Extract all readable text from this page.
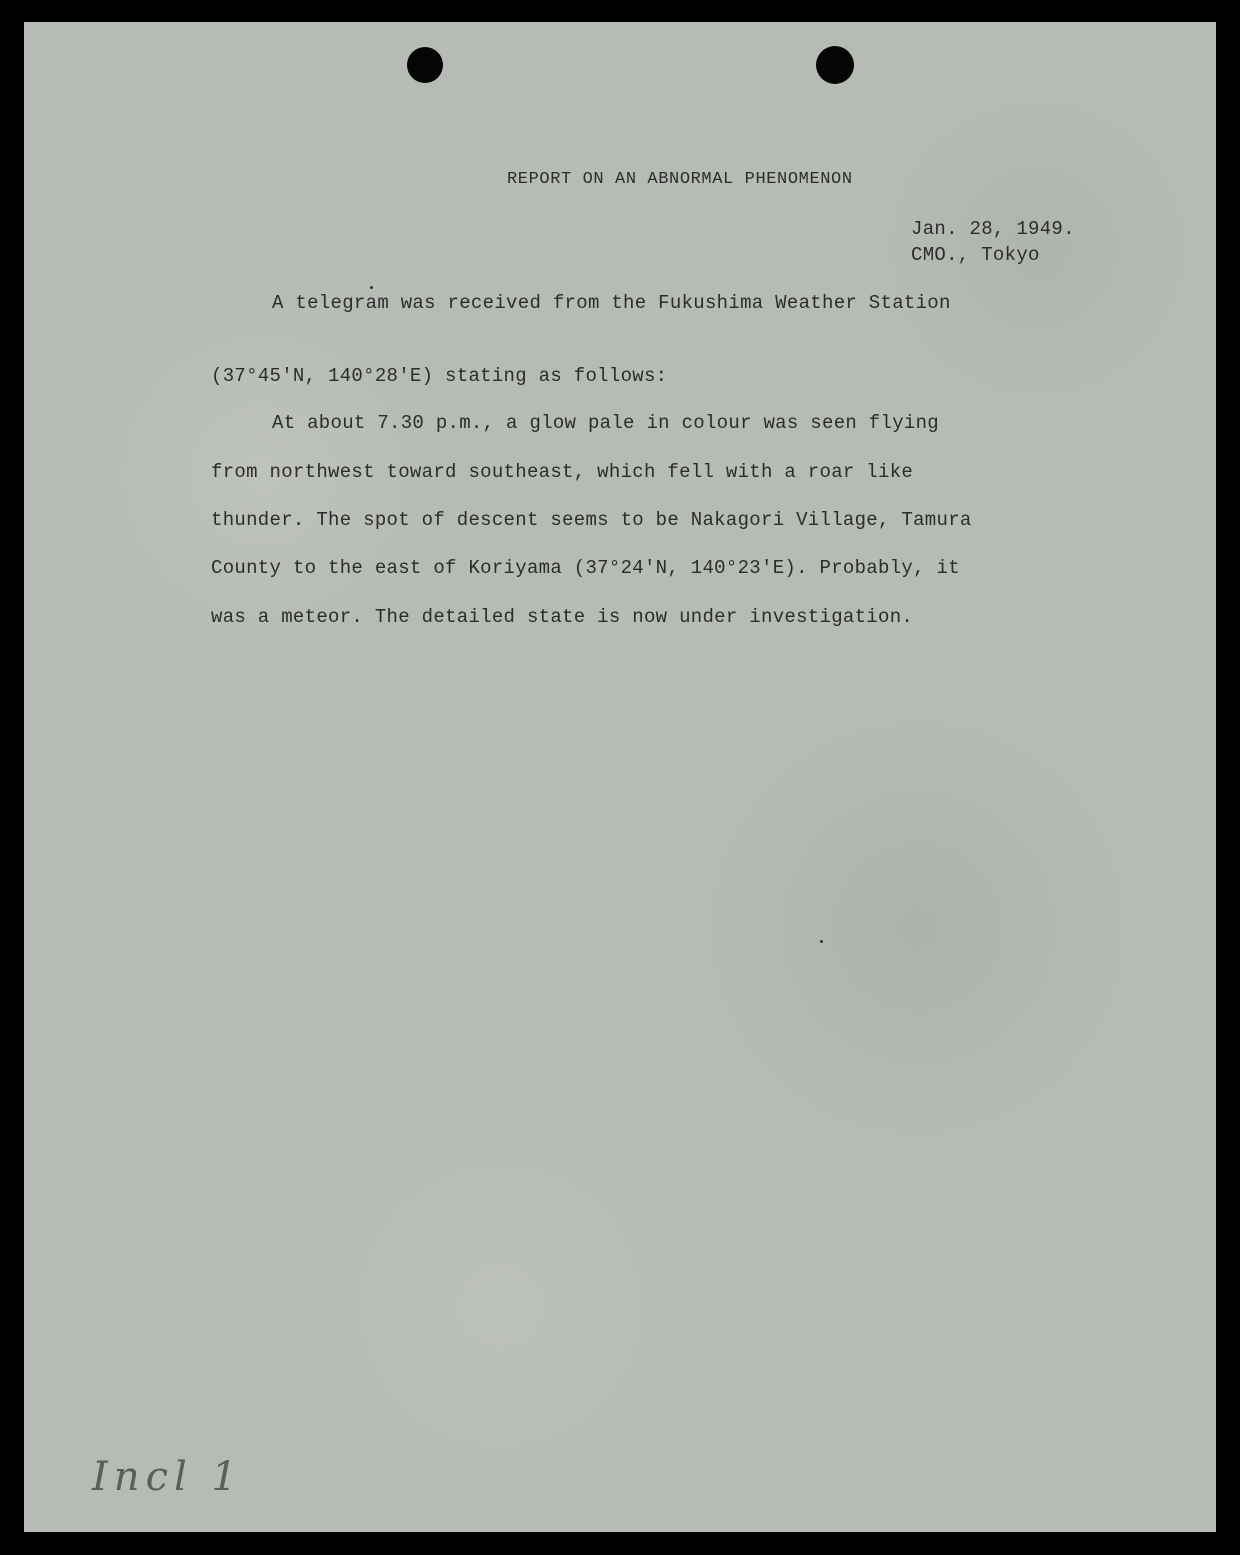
REPORT ON AN ABNORMAL PHENOMENON

Jan. 28, 1949.

CMO., Tokyo

A telegram was received from the Fukushima Weather Station

(37°45'N, 140°28'E) stating as follows:

At about 7.30 p.m., a glow pale in colour was seen flying

from northwest toward southeast, which fell with a roar like

thunder. The spot of descent seems to be Nakagori Village, Tamura

County to the east of Koriyama (37°24'N, 140°23'E). Probably, it

was a meteor. The detailed state is now under investigation.

Incl 1
